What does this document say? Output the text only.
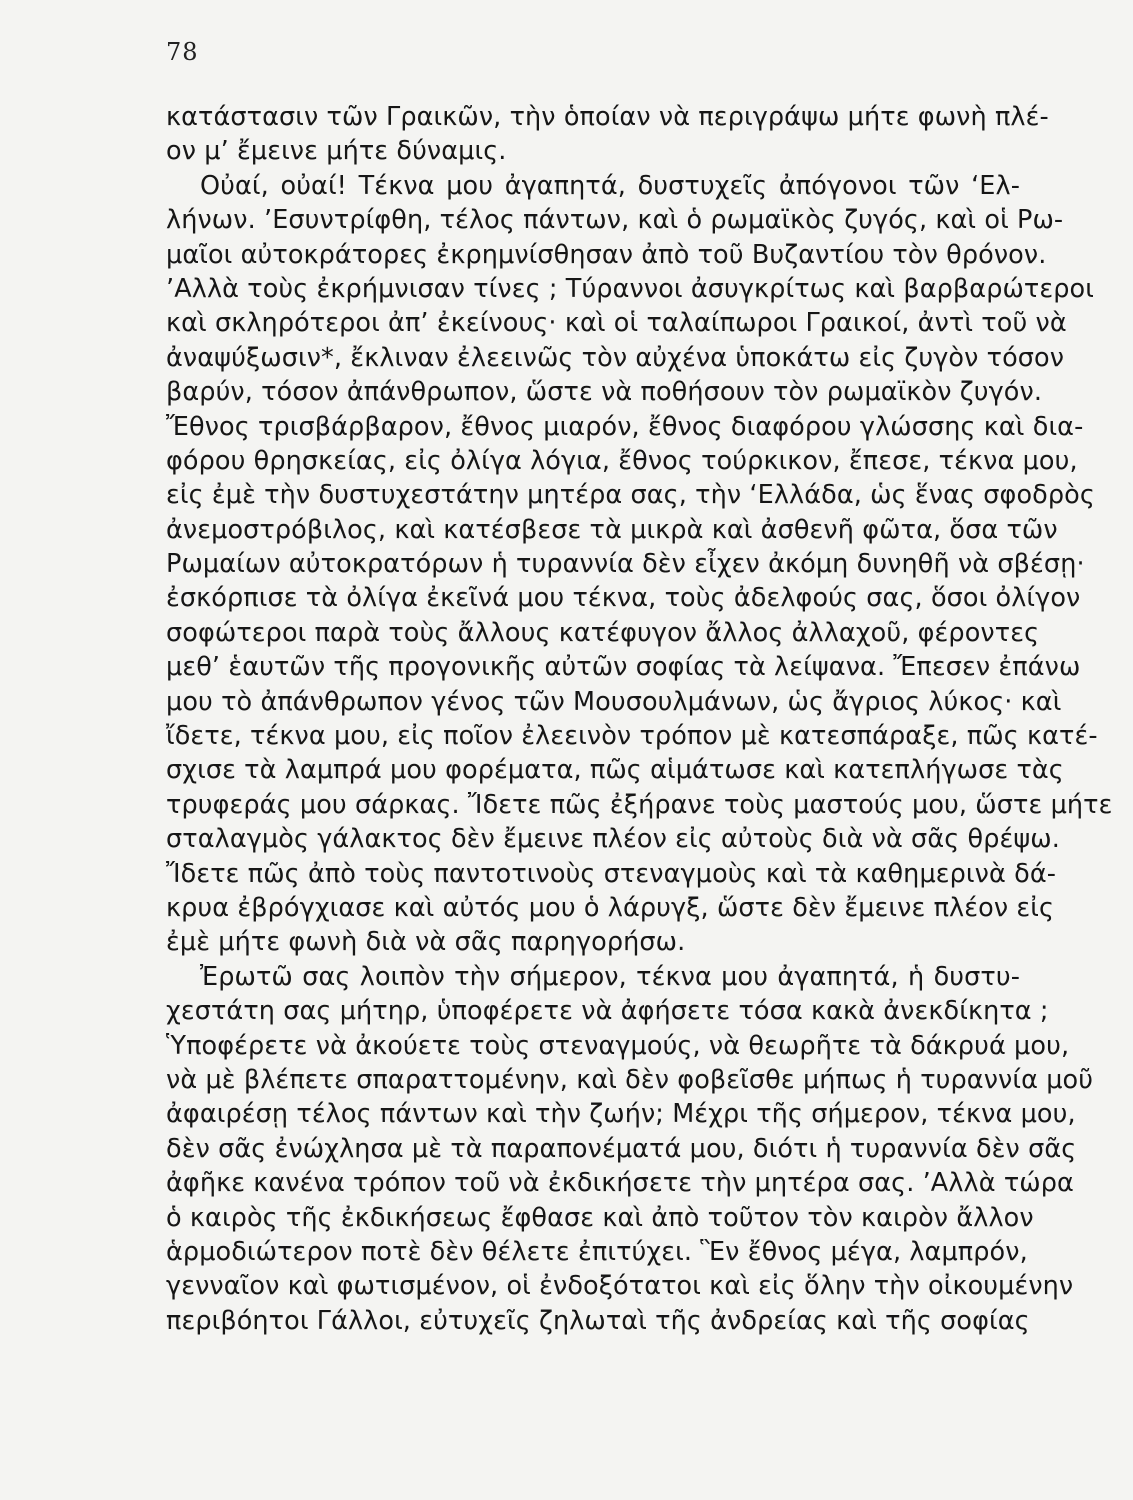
78
κατάστασιν τῶν Γραικῶν, τὴν ὁποίαν νὰ περιγράψω μήτε φωνὴ πλέ-
ον μ’ ἔμεινε μήτε δύναμις.
Οὐαί, οὐαί! Τέκνα μου ἀγαπητά, δυστυχεῖς ἀπόγονοι τῶν ‘Ελ-
λήνων. ’Εσυντρίφθη, τέλος πάντων, καὶ ὁ ρωμαϊκὸς ζυγός, καὶ οἱ Ρω-
μαῖοι αὐτοκράτορες ἐκρημνίσθησαν ἀπὸ τοῦ Βυζαντίου τὸν θρόνον.
’Αλλὰ τοὺς ἐκρήμνισαν τίνες ; Τύραννοι ἀσυγκρίτως καὶ βαρβαρώτεροι
καὶ σκληρότεροι ἀπ’ ἐκείνους· καὶ οἱ ταλαίπωροι Γραικοί, ἀντὶ τοῦ νὰ
ἀναψύξωσιν*, ἔκλιναν ἐλεεινῶς τὸν αὐχένα ὑποκάτω εἰς ζυγὸν τόσον
βαρύν, τόσον ἀπάνθρωπον, ὥστε νὰ ποθήσουν τὸν ρωμαϊκὸν ζυγόν.
Ἔθνος τρισβάρβαρον, ἔθνος μιαρόν, ἔθνος διαφόρου γλώσσης καὶ δια-
φόρου θρησκείας, εἰς ὀλίγα λόγια, ἔθνος τούρκικον, ἔπεσε, τέκνα μου,
εἰς ἐμὲ τὴν δυστυχεστάτην μητέρα σας, τὴν ‘Ελλάδα, ὡς ἕνας σφοδρὸς
ἀνεμοστρόβιλος, καὶ κατέσβεσε τὰ μικρὰ καὶ ἀσθενῆ φῶτα, ὅσα τῶν
Ρωμαίων αὐτοκρατόρων ἡ τυραννία δὲν εἶχεν ἀκόμη δυνηθῆ νὰ σβέσῃ·
ἐσκόρπισε τὰ ὀλίγα ἐκεῖνά μου τέκνα, τοὺς ἀδελφούς σας, ὅσοι ὀλίγον
σοφώτεροι παρὰ τοὺς ἄλλους κατέφυγον ἄλλος ἀλλαχοῦ, φέροντες
μεθ’ ἑαυτῶν τῆς προγονικῆς αὐτῶν σοφίας τὰ λείψανα. Ἔπεσεν ἐπάνω
μου τὸ ἀπάνθρωπον γένος τῶν Μουσουλμάνων, ὡς ἄγριος λύκος· καὶ
ἴδετε, τέκνα μου, εἰς ποῖον ἐλεεινὸν τρόπον μὲ κατεσπάραξε, πῶς κατέ-
σχισε τὰ λαμπρά μου φορέματα, πῶς αἱμάτωσε καὶ κατεπλήγωσε τὰς
τρυφεράς μου σάρκας. Ἴδετε πῶς ἐξήρανε τοὺς μαστούς μου, ὥστε μήτε
σταλαγμὸς γάλακτος δὲν ἔμεινε πλέον εἰς αὐτοὺς διὰ νὰ σᾶς θρέψω.
Ἴδετε πῶς ἀπὸ τοὺς παντοτινοὺς στεναγμοὺς καὶ τὰ καθημερινὰ δά-
κρυα ἐβρόγχιασε καὶ αὐτός μου ὁ λάρυγξ, ὥστε δὲν ἔμεινε πλέον εἰς
ἐμὲ μήτε φωνὴ διὰ νὰ σᾶς παρηγορήσω.
Ἐρωτῶ σας λοιπὸν τὴν σήμερον, τέκνα μου ἀγαπητά, ἡ δυστυ-
χεστάτη σας μήτηρ, ὑποφέρετε νὰ ἀφήσετε τόσα κακὰ ἀνεκδίκητα ;
Ὑποφέρετε νὰ ἀκούετε τοὺς στεναγμούς, νὰ θεωρῆτε τὰ δάκρυά μου,
νὰ μὲ βλέπετε σπαραττομένην, καὶ δὲν φοβεῖσθε μήπως ἡ τυραννία μοῦ
ἀφαιρέσῃ τέλος πάντων καὶ τὴν ζωήν; Μέχρι τῆς σήμερον, τέκνα μου,
δὲν σᾶς ἐνώχλησα μὲ τὰ παραπονέματά μου, διότι ἡ τυραννία δὲν σᾶς
ἀφῆκε κανένα τρόπον τοῦ νὰ ἐκδικήσετε τὴν μητέρα σας. ’Αλλὰ τώρα
ὁ καιρὸς τῆς ἐκδικήσεως ἔφθασε καὶ ἀπὸ τοῦτον τὸν καιρὸν ἄλλον
ἁρμοδιώτερον ποτὲ δὲν θέλετε ἐπιτύχει. Ἓν ἔθνος μέγα, λαμπρόν,
γενναῖον καὶ φωτισμένον, οἱ ἐνδοξότατοι καὶ εἰς ὅλην τὴν οἰκουμένην
περιβόητοι Γάλλοι, εὐτυχεῖς ζηλωταὶ τῆς ἀνδρείας καὶ τῆς σοφίας
